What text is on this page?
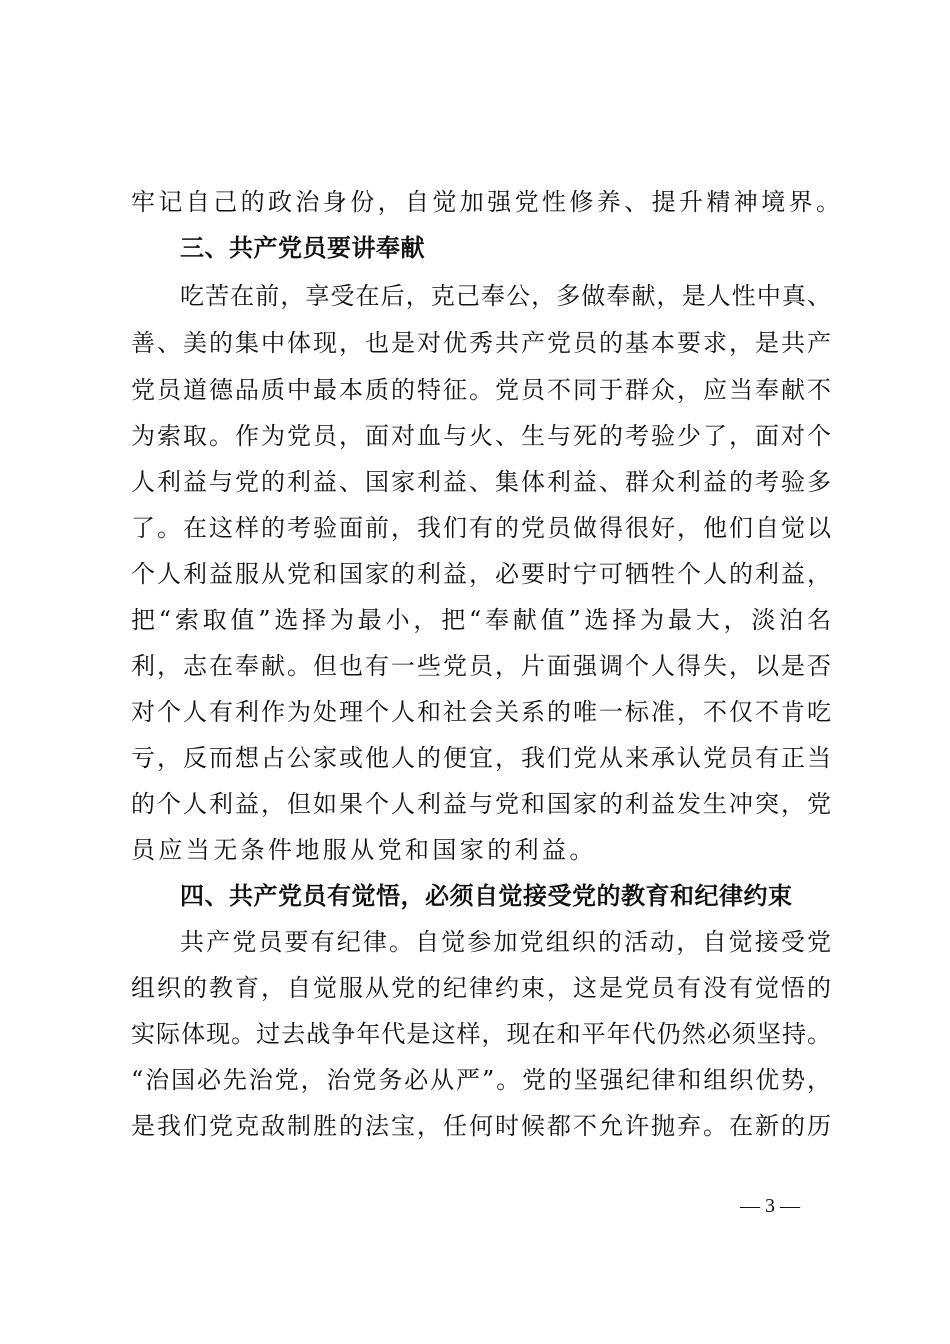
牢记自己的政治身份，自觉加强党性修养、提升精神境界。
三、共产党员要讲奉献
吃苦在前，享受在后，克己奉公，多做奉献，是人性中真、
善、美的集中体现，也是对优秀共产党员的基本要求，是共产
党员道德品质中最本质的特征。党员不同于群众，应当奉献不
为索取。作为党员，面对血与火、生与死的考验少了，面对个
人利益与党的利益、国家利益、集体利益、群众利益的考验多
了。在这样的考验面前，我们有的党员做得很好，他们自觉以
个人利益服从党和国家的利益，必要时宁可牺牲个人的利益，
把“索取值”选择为最小，把“奉献值”选择为最大，淡泊名
利，志在奉献。但也有一些党员，片面强调个人得失，以是否
对个人有利作为处理个人和社会关系的唯一标准，不仅不肯吃
亏，反而想占公家或他人的便宜，我们党从来承认党员有正当
的个人利益，但如果个人利益与党和国家的利益发生冲突，党
员应当无条件地服从党和国家的利益。
四、共产党员有觉悟，必须自觉接受党的教育和纪律约束
共产党员要有纪律。自觉参加党组织的活动，自觉接受党
组织的教育，自觉服从党的纪律约束，这是党员有没有觉悟的
实际体现。过去战争年代是这样，现在和平年代仍然必须坚持。
“治国必先治党，治党务必从严”。党的坚强纪律和组织优势，
是我们党克敌制胜的法宝，任何时候都不允许抛弃。在新的历
— 3 —
